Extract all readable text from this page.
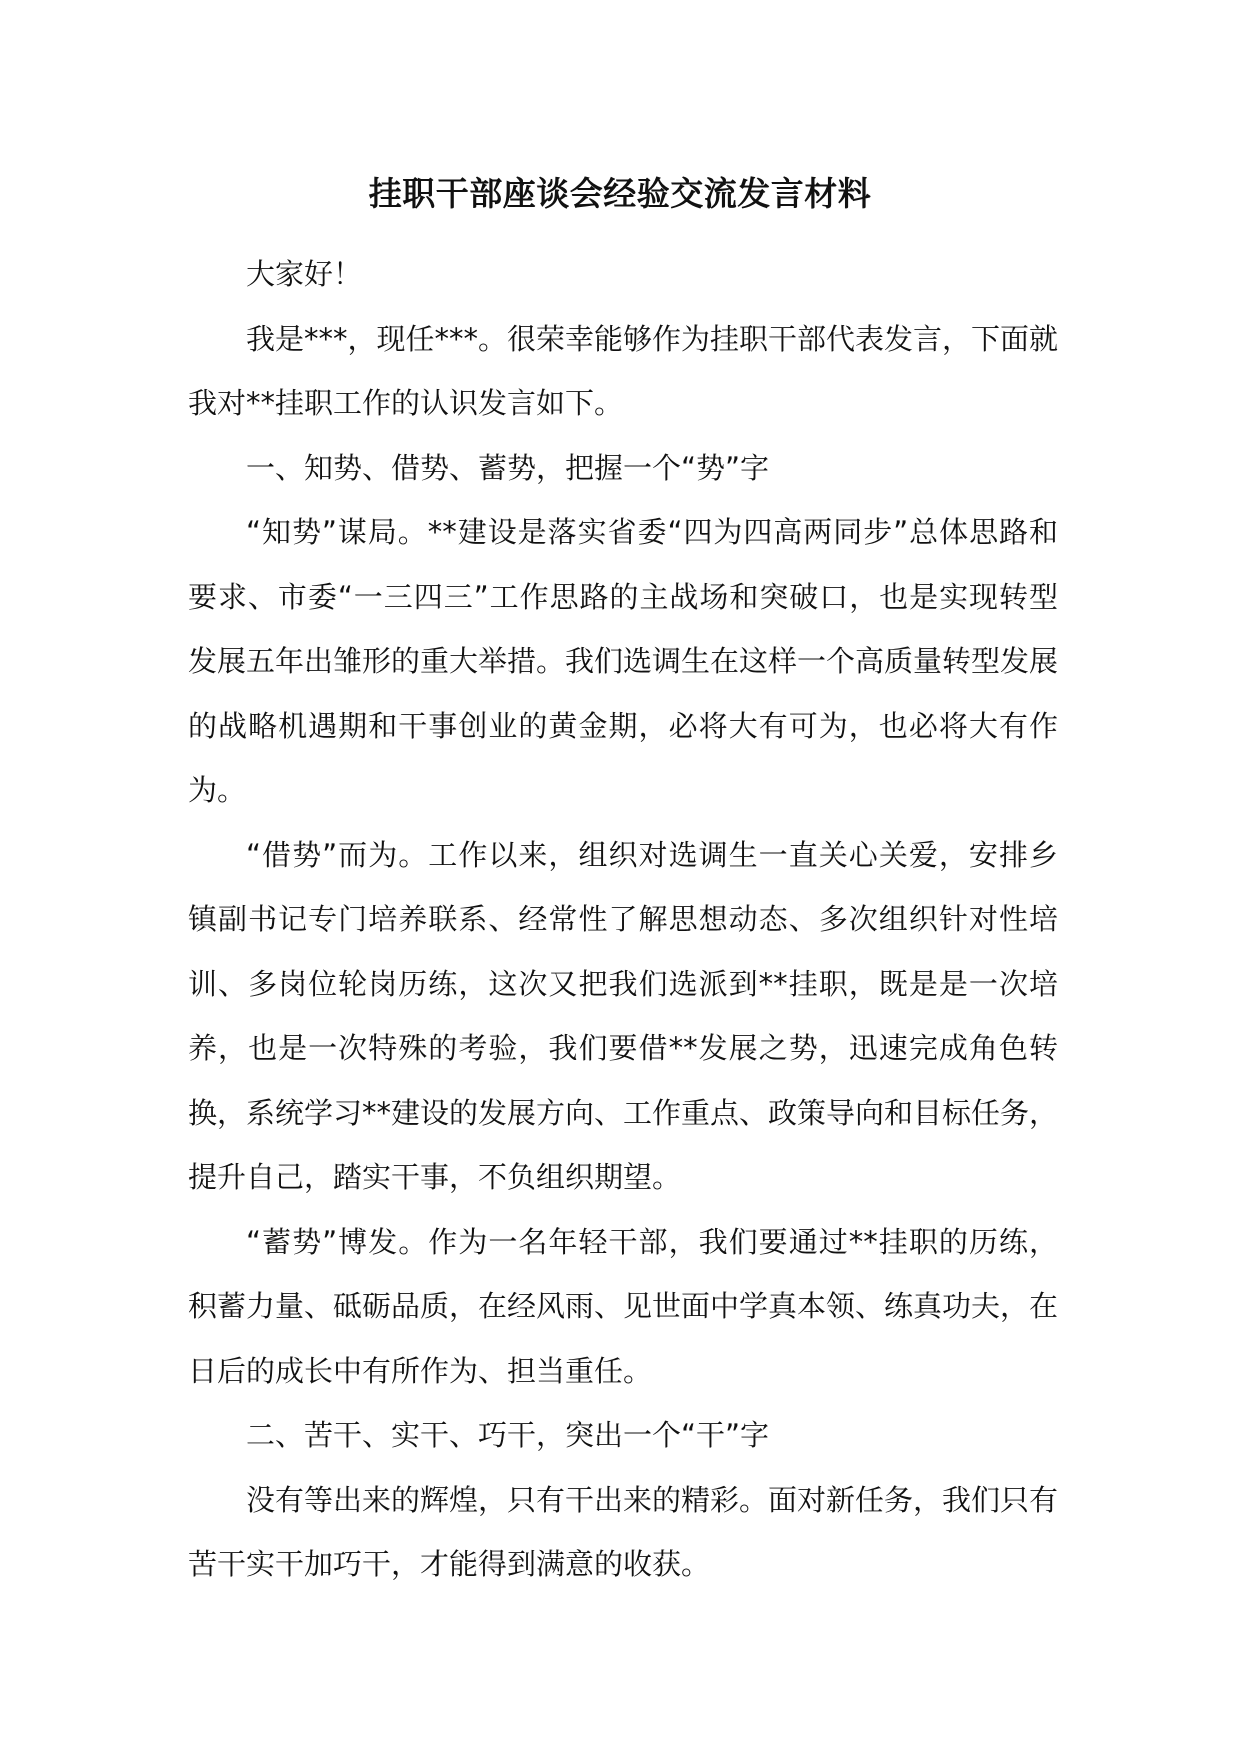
挂职干部座谈会经验交流发言材料

大家好！

我是***，现任***。很荣幸能够作为挂职干部代表发言，下面就我对**挂职工作的认识发言如下。

一、知势、借势、蓄势，把握一个“势”字

“知势”谋局。**建设是落实省委“四为四高两同步”总体思路和要求、市委“一三四三”工作思路的主战场和突破口，也是实现转型发展五年出雏形的重大举措。我们选调生在这样一个高质量转型发展的战略机遇期和干事创业的黄金期，必将大有可为，也必将大有作为。

“借势”而为。工作以来，组织对选调生一直关心关爱，安排乡镇副书记专门培养联系、经常性了解思想动态、多次组织针对性培训、多岗位轮岗历练，这次又把我们选派到**挂职，既是是一次培养，也是一次特殊的考验，我们要借**发展之势，迅速完成角色转换，系统学习**建设的发展方向、工作重点、政策导向和目标任务，提升自己，踏实干事，不负组织期望。

“蓄势”博发。作为一名年轻干部，我们要通过**挂职的历练，积蓄力量、砥砺品质，在经风雨、见世面中学真本领、练真功夫，在日后的成长中有所作为、担当重任。

二、苦干、实干、巧干，突出一个“干”字

没有等出来的辉煌，只有干出来的精彩。面对新任务，我们只有苦干实干加巧干，才能得到满意的收获。
